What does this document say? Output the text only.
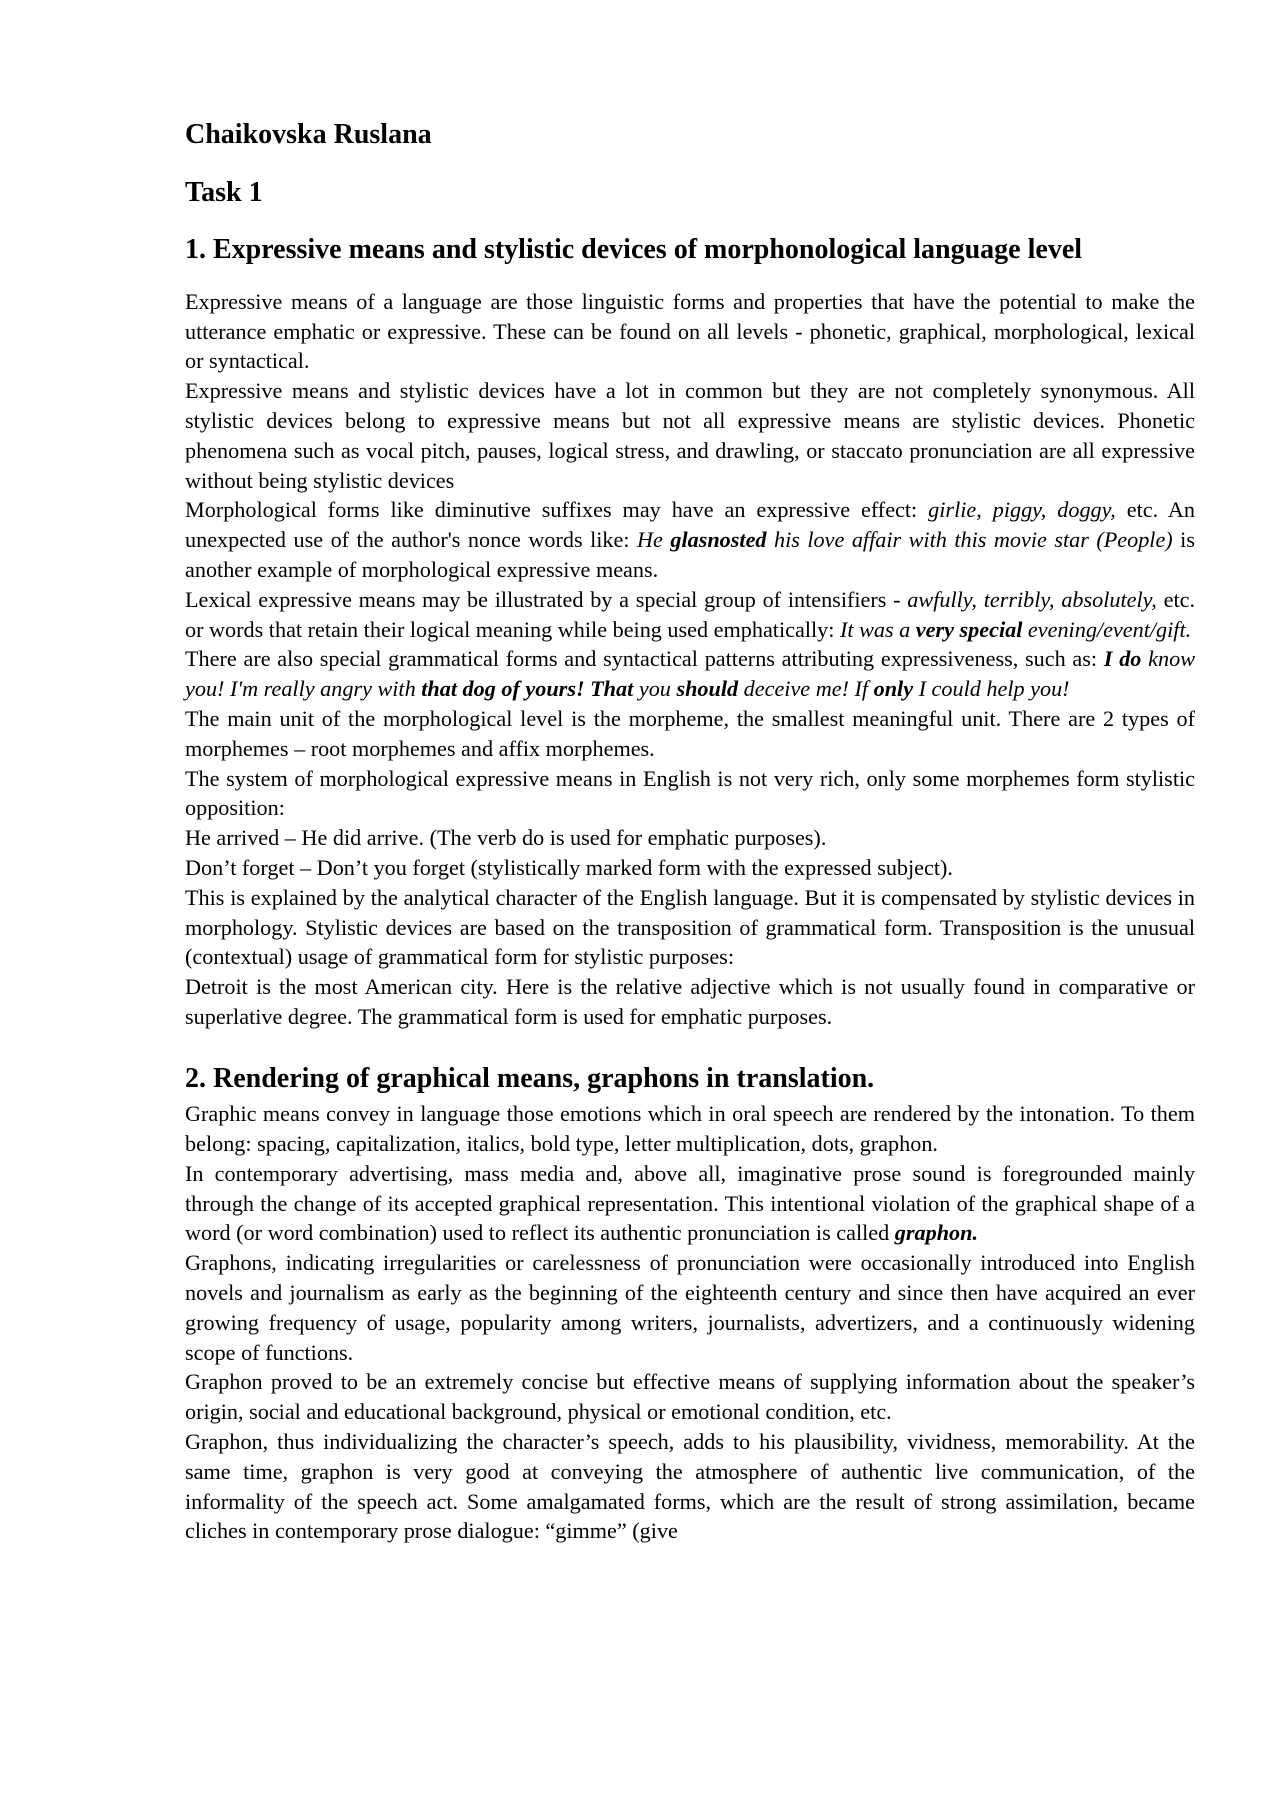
Chaikovska Ruslana
Task 1
1. Expressive means and stylistic devices of morphonological language level

Expressive means of a language are those linguistic forms and properties that have the potential to make the utterance emphatic or expressive. These can be found on all levels - phonetic, graphical, morphological, lexical or syntactical.

Expressive means and stylistic devices have a lot in common but they are not completely synonymous. All stylistic devices belong to expressive means but not all expressive means are stylistic devices. Phonetic phenomena such as vocal pitch, pauses, logical stress, and drawling, or staccato pronunciation are all expressive without being stylistic devices

Morphological forms like diminutive suffixes may have an expressive effect: girlie, piggy, doggy, etc. An unexpected use of the author's nonce words like: He glasnosted his love affair with this movie star (People) is another example of morphological expressive means.

Lexical expressive means may be illustrated by a special group of intensifiers - awfully, terribly, absolutely, etc. or words that retain their logical meaning while being used emphatically: It was a very special evening/event/gift.

There are also special grammatical forms and syntactical patterns attributing expressiveness, such as: I do know you! I'm really angry with that dog of yours! That you should deceive me! If only I could help you!

The main unit of the morphological level is the morpheme, the smallest meaningful unit. There are 2 types of morphemes – root morphemes and affix morphemes.

The system of morphological expressive means in English is not very rich, only some morphemes form stylistic opposition:

He arrived – He did arrive. (The verb do is used for emphatic purposes).

Don’t forget – Don’t you forget (stylistically marked form with the expressed subject).

This is explained by the analytical character of the English language. But it is compensated by stylistic devices in morphology. Stylistic devices are based on the transposition of grammatical form. Transposition is the unusual (contextual) usage of grammatical form for stylistic purposes:

Detroit is the most American city. Here is the relative adjective which is not usually found in comparative or superlative degree. The grammatical form is used for emphatic purposes.

2. Rendering of graphical means, graphons in translation.

Graphic means convey in language those emotions which in oral speech are rendered by the intonation. To them belong: spacing, capitalization, italics, bold type, letter multiplication, dots, graphon.

In contemporary advertising, mass media and, above all, imaginative prose sound is foregrounded mainly through the change of its accepted graphical representation. This intentional violation of the graphical shape of a word (or word combination) used to reflect its authentic pronunciation is called graphon.

Graphons, indicating irregularities or carelessness of pronunciation were occasionally introduced into English novels and journalism as early as the beginning of the eighteenth century and since then have acquired an ever growing frequency of usage, popularity among writers, journalists, advertizers, and a continuously widening scope of functions.

Graphon proved to be an extremely concise but effective means of supplying information about the speaker’s origin, social and educational background, physical or emotional condition, etc.

Graphon, thus individualizing the character’s speech, adds to his plausibility, vividness, memorability. At the same time, graphon is very good at conveying the atmosphere of authentic live communication, of the informality of the speech act. Some amalgamated forms, which are the result of strong assimilation, became cliches in contemporary prose dialogue: “gimme” (give
